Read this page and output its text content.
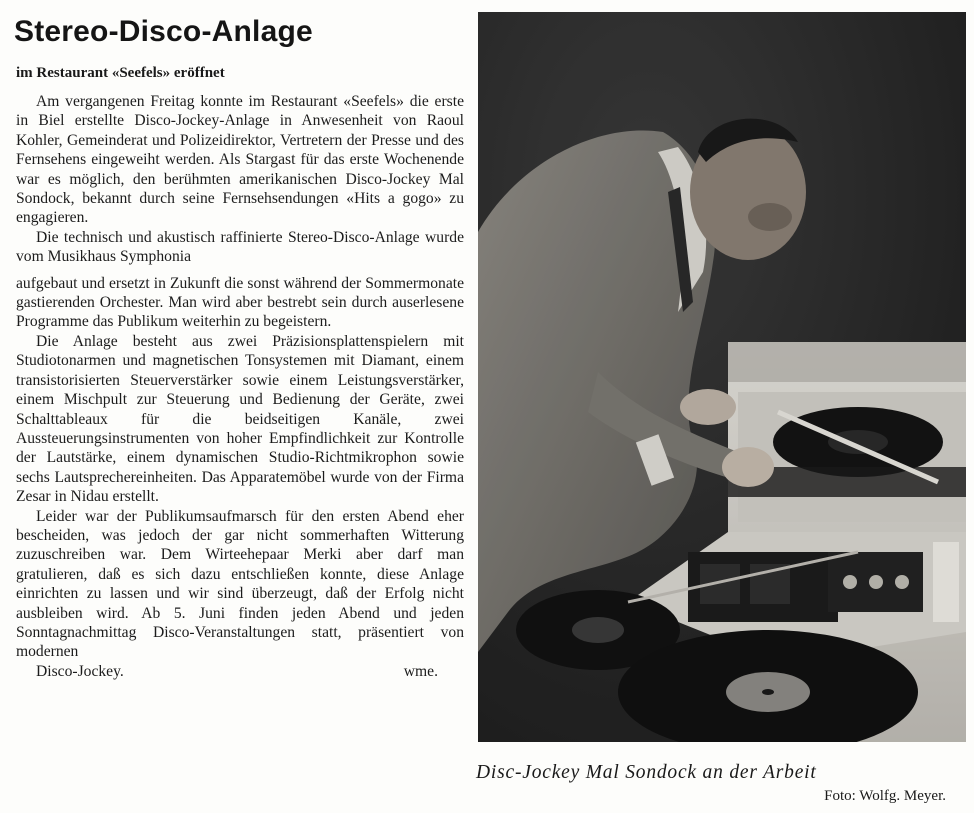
Stereo-Disco-Anlage
im Restaurant «Seefels» eröffnet

Am vergangenen Freitag konnte im Restaurant «Seefels» die erste in Biel erstellte Disco-Jockey-Anlage in Anwesenheit von Raoul Kohler, Gemeinderat und Polizeidirektor, Vertretern der Presse und des Fernsehens eingeweiht werden. Als Stargast für das erste Wochenende war es möglich, den berühmten amerikanischen Disco-Jockey Mal Sondock, bekannt durch seine Fernsehsendungen «Hits a gogo» zu engagieren.

Die technisch und akustisch raffinierte Stereo-Disco-Anlage wurde vom Musikhaus Symphonia

aufgebaut und ersetzt in Zukunft die sonst während der Sommermonate gastierenden Orchester. Man wird aber bestrebt sein durch auserlesene Programme das Publikum weiterhin zu begeistern.

Die Anlage besteht aus zwei Präzisionsplattenspielern mit Studiotonarmen und magnetischen Tonsystemen mit Diamant, einem transistorisierten Steuerverstärker sowie einem Leistungsverstärker, einem Mischpult zur Steuerung und Bedienung der Geräte, zwei Schalttableaux für die beidseitigen Kanäle, zwei Aussteuerungsinstrumenten von hoher Empfindlichkeit zur Kontrolle der Lautstärke, einem dynamischen Studio-Richtmikrophon sowie sechs Lautsprechereinheiten. Das Apparatemöbel wurde von der Firma Zesar in Nidau erstellt.

Leider war der Publikumsaufmarsch für den ersten Abend eher bescheiden, was jedoch der gar nicht sommerhaften Witterung zuzuschreiben war. Dem Wirteehepaar Merki aber darf man gratulieren, daß es sich dazu entschließen konnte, diese Anlage einrichten zu lassen und wir sind überzeugt, daß der Erfolg nicht ausbleiben wird. Ab 5. Juni finden jeden Abend und jeden Sonntagnachmittag Disco-Veranstaltungen statt, präsentiert von modernen

Disco-Jockey.	wme.

Disc-Jockey Mal Sondock an der Arbeit
Foto: Wolfg. Meyer.
